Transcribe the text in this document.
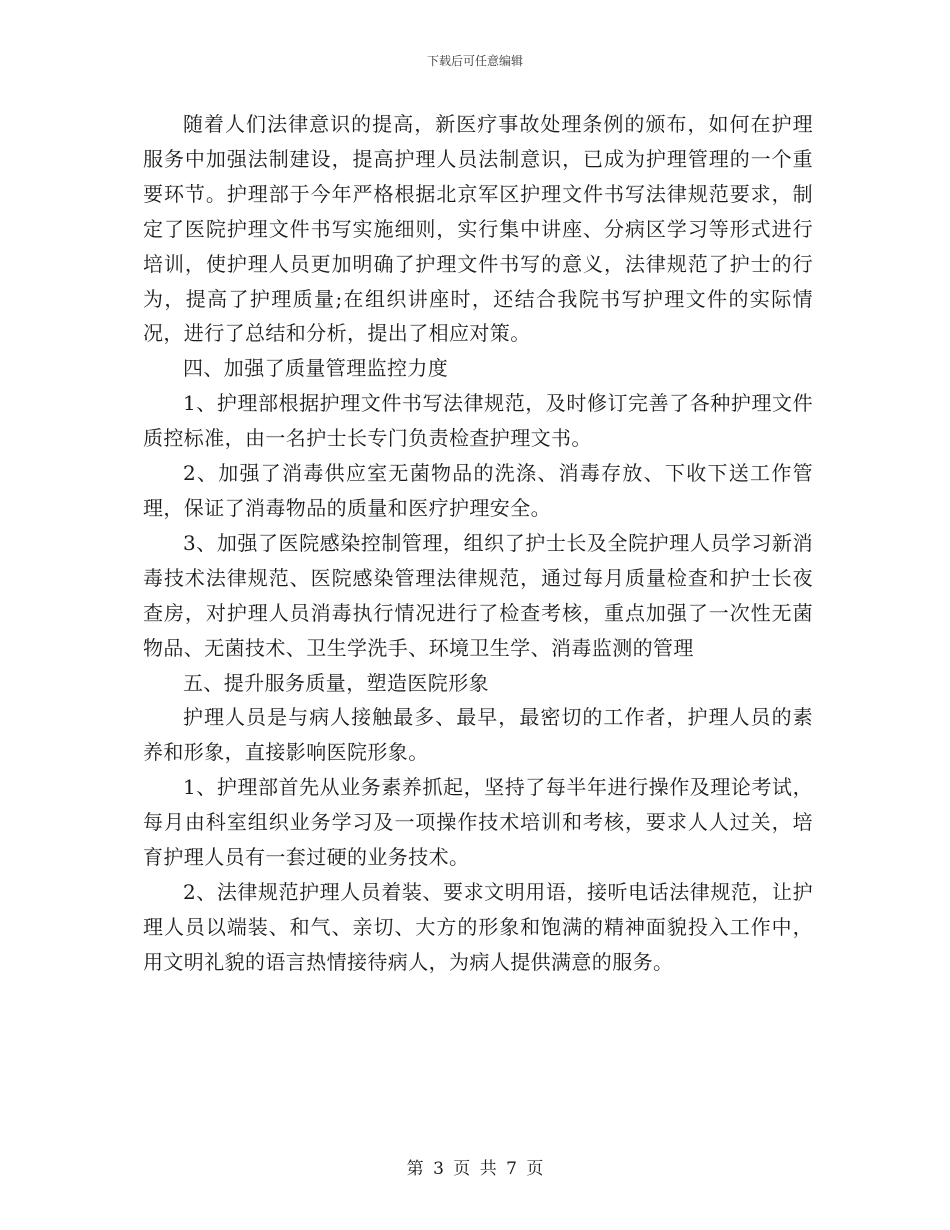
下载后可任意编辑

随着人们法律意识的提高，新医疗事故处理条例的颁布，如何在护理服务中加强法制建设，提高护理人员法制意识，已成为护理管理的一个重要环节。护理部于今年严格根据北京军区护理文件书写法律规范要求，制定了医院护理文件书写实施细则，实行集中讲座、分病区学习等形式进行培训，使护理人员更加明确了护理文件书写的意义，法律规范了护士的行为，提高了护理质量;在组织讲座时，还结合我院书写护理文件的实际情况，进行了总结和分析，提出了相应对策。

四、加强了质量管理监控力度

1、护理部根据护理文件书写法律规范，及时修订完善了各种护理文件质控标准，由一名护士长专门负责检查护理文书。

2、加强了消毒供应室无菌物品的洗涤、消毒存放、下收下送工作管理，保证了消毒物品的质量和医疗护理安全。

3、加强了医院感染控制管理，组织了护士长及全院护理人员学习新消毒技术法律规范、医院感染管理法律规范，通过每月质量检查和护士长夜查房，对护理人员消毒执行情况进行了检查考核，重点加强了一次性无菌物品、无菌技术、卫生学洗手、环境卫生学、消毒监测的管理

五、提升服务质量，塑造医院形象

护理人员是与病人接触最多、最早，最密切的工作者，护理人员的素养和形象，直接影响医院形象。

1、护理部首先从业务素养抓起，坚持了每半年进行操作及理论考试，每月由科室组织业务学习及一项操作技术培训和考核，要求人人过关，培育护理人员有一套过硬的业务技术。

2、法律规范护理人员着装、要求文明用语，接听电话法律规范，让护理人员以端装、和气、亲切、大方的形象和饱满的精神面貌投入工作中，用文明礼貌的语言热情接待病人，为病人提供满意的服务。

第 3 页 共 7 页
